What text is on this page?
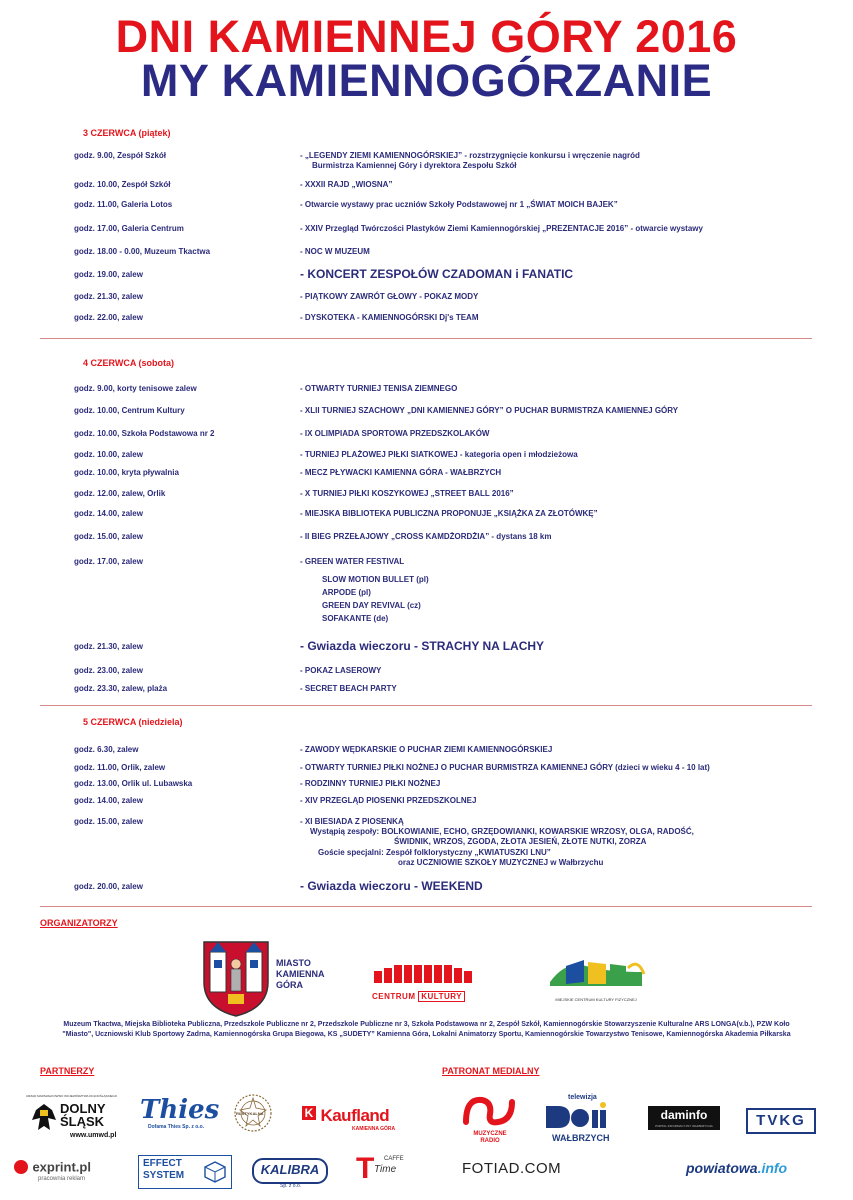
DNI KAMIENNEJ GÓRY 2016
MY KAMIENNOGÓRZANIE
3 CZERWCA (piątek)
godz. 9.00, Zespół Szkół	- „LEGENDY ZIEMI KAMIENNOGÓRSKIEJ” - rozstrzygnięcie konkursu i wręczenie nagród
Burmistrza Kamiennej Góry i dyrektora Zespołu Szkół
godz. 10.00, Zespół Szkół	- XXXII RAJD „WIOSNA”
godz. 11.00, Galeria Lotos	- Otwarcie wystawy prac uczniów Szkoły Podstawowej nr 1 „ŚWIAT MOICH BAJEK”
godz. 17.00, Galeria Centrum	- XXIV Przegląd Twórczości Plastyków Ziemi Kamiennogórskiej „PREZENTACJE 2016” - otwarcie wystawy
godz. 18.00 - 0.00, Muzeum Tkactwa	- NOC W MUZEUM
godz. 19.00, zalew	- KONCERT ZESPOŁÓW CZADOMAN i FANATIC
godz. 21.30, zalew	- PIĄTKOWY ZAWRÓT GŁOWY - POKAZ MODY
godz. 22.00, zalew	- DYSKOTEKA - KAMIENNOGÓRSKI Dj's TEAM
4 CZERWCA (sobota)
godz. 9.00, korty tenisowe zalew	- OTWARTY TURNIEJ TENISA ZIEMNEGO
godz. 10.00, Centrum Kultury	- XLII TURNIEJ SZACHOWY „DNI KAMIENNEJ GÓRY” O PUCHAR BURMISTRZA KAMIENNEJ GÓRY
godz. 10.00, Szkoła Podstawowa nr 2	- IX OLIMPIADA SPORTOWA PRZEDSZKOLAKÓW
godz. 10.00, zalew	- TURNIEJ PLAŻOWEJ PIŁKI SIATKOWEJ - kategoria open i młodzieżowa
godz. 10.00, kryta pływalnia	- MECZ PŁYWACKI KAMIENNA GÓRA - WAŁBRZYCH
godz. 12.00, zalew, Orlik	- X TURNIEJ PIŁKI KOSZYKOWEJ „STREET BALL 2016”
godz. 14.00, zalew	- MIEJSKA BIBLIOTEKA PUBLICZNA PROPONUJE „KSIĄŻKA ZA ZŁOTÓWKĘ”
godz. 15.00, zalew	- II BIEG PRZEŁAJOWY „CROSS KAMDŻORDŻIA” - dystans 18 km
godz. 17.00, zalew	- GREEN WATER FESTIVAL
SLOW MOTION BULLET (pl)
ARPODE (pl)
GREEN DAY REVIVAL (cz)
SOFAKANTE (de)
godz. 21.30, zalew	- Gwiazda wieczoru - STRACHY NA LACHY
godz. 23.00, zalew	- POKAZ LASEROWY
godz. 23.30, zalew, plaża	- SECRET BEACH PARTY
5 CZERWCA (niedziela)
godz. 6.30, zalew	- ZAWODY WĘDKARSKIE O PUCHAR ZIEMI KAMIENNOGÓRSKIEJ
godz. 11.00, Orlik, zalew	- OTWARTY TURNIEJ PIŁKI NOŻNEJ O PUCHAR BURMISTRZA KAMIENNEJ GÓRY (dzieci w wieku 4 - 10 lat)
godz. 13.00, Orlik ul. Lubawska	- RODZINNY TURNIEJ PIŁKI NOŻNEJ
godz. 14.00, zalew	- XIV PRZEGLĄD PIOSENKI PRZEDSZKOLNEJ
godz. 15.00, zalew	- XI BIESIADA Z PIOSENKĄ
Wystąpią zespoły: BOLKOWIANIE, ECHO, GRZĘDOWIANKI, KOWARSKIE WRZOSY, OLGA, RADOŚĆ,
ŚWIDNIK, WRZOS, ZGODA, ZŁOTA JESIEŃ, ZŁOTE NUTKI, ZORZA
Goście specjalni: Zespół folklorystyczny „KWIATUSZKI LNU”
oraz UCZNIOWIE SZKOŁY MUZYCZNEJ w Wałbrzychu
godz. 20.00, zalew	- Gwiazda wieczoru - WEEKEND
ORGANIZATORZY
MIASTO
KAMIENNA
GÓRA
CENTRUM KULTURY	MIEJSKIE CENTRUM KULTURY FIZYCZNEJ
Muzeum Tkactwa, Miejska Biblioteka Publiczna, Przedszkole Publiczne nr 2, Przedszkole Publiczne nr 3, Szkoła Podstawowa nr 2, Zespół Szkół, Kamiennogórskie Stowarzyszenie Kulturalne ARS LONGA(v.b.), PZW Koło "Miasto", Uczniowski Klub Sportowy Zadrna, Kamiennogórska Grupa Biegowa, KS „SUDETY” Kamienna Góra, Lokalni Animatorzy Sportu, Kamiennogórskie Towarzystwo Tenisowe, Kamiennogórska Akademia Piłkarska
PARTNERZY	PATRONAT MEDIALNY
URZĄD MARSZAŁKOWSKI WOJEWÓDZTWA DOLNOŚLĄSKIEGO
DOLNY
ŚLĄSK
www.umwd.pl
Thies
Dofama Thies Sp. z o.o.
RUSTYKALNA	K Kaufland
KAMIENNA GÓRA
exprint.pl
pracownia reklam
EFFECT
SYSTEM	KALIBRA
Sp. z o.o.
T Time
CAFFE
MUZYCZNE
RADIO
telewizja
WAŁBRZYCH
daminfo
PORTAL INFORMACYJNY WAŁBRZYCHA	TVKG
FOTIAD.COM	powiatowa.info
